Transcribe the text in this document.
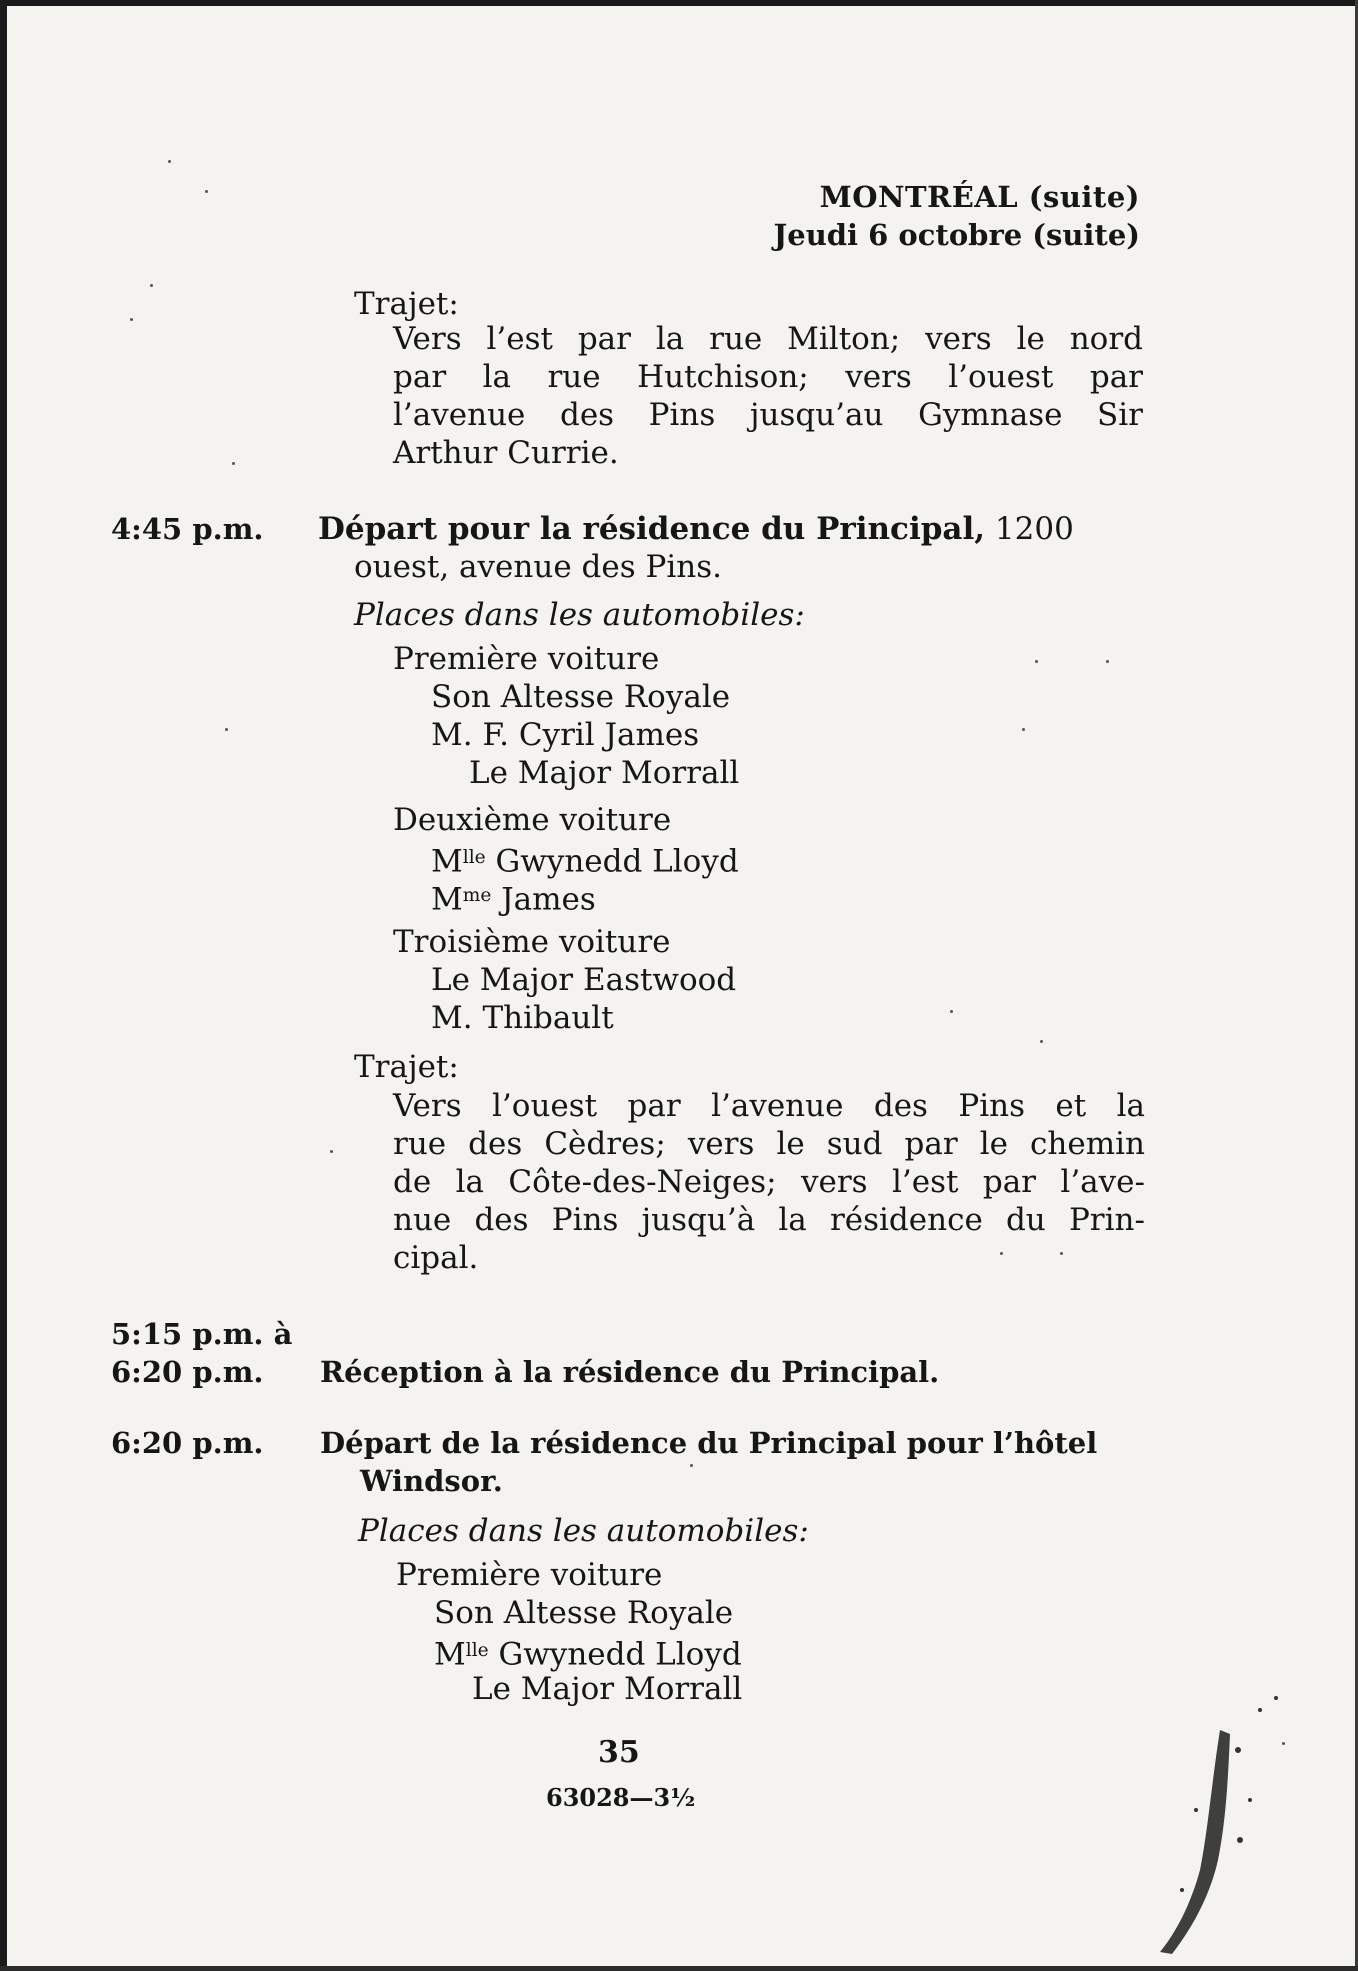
MONTRÉAL (suite)
Jeudi 6 octobre (suite)
Trajet:
Vers l’est par la rue Milton; vers le nord
par la rue Hutchison; vers l’ouest par
l’avenue des Pins jusqu’au Gymnase Sir
Arthur Currie.
4:45 p.m. Départ pour la résidence du Principal, 1200
ouest, avenue des Pins.
Places dans les automobiles:
Première voiture
Son Altesse Royale
M. F. Cyril James
Le Major Morrall
Deuxième voiture
$M^{lle}$ Gwynedd Lloyd
$M^{me}$ James
Troisième voiture
Le Major Eastwood
M. Thibault
Trajet:
Vers l’ouest par l’avenue des Pins et la
rue des Cèdres; vers le sud par le chemin
de la Côte-des-Neiges; vers l’est par l’ave-
nue des Pins jusqu’à la résidence du Prin-
cipal.
5:15 p.m. à
6:20 p.m. Réception à la résidence du Principal.
6:20 p.m. Départ de la résidence du Principal pour l’hôtel
Windsor.
Places dans les automobiles:
Première voiture
Son Altesse Royale
$M^{lle}$ Gwynedd Lloyd
Le Major Morrall
35
63028—3½
